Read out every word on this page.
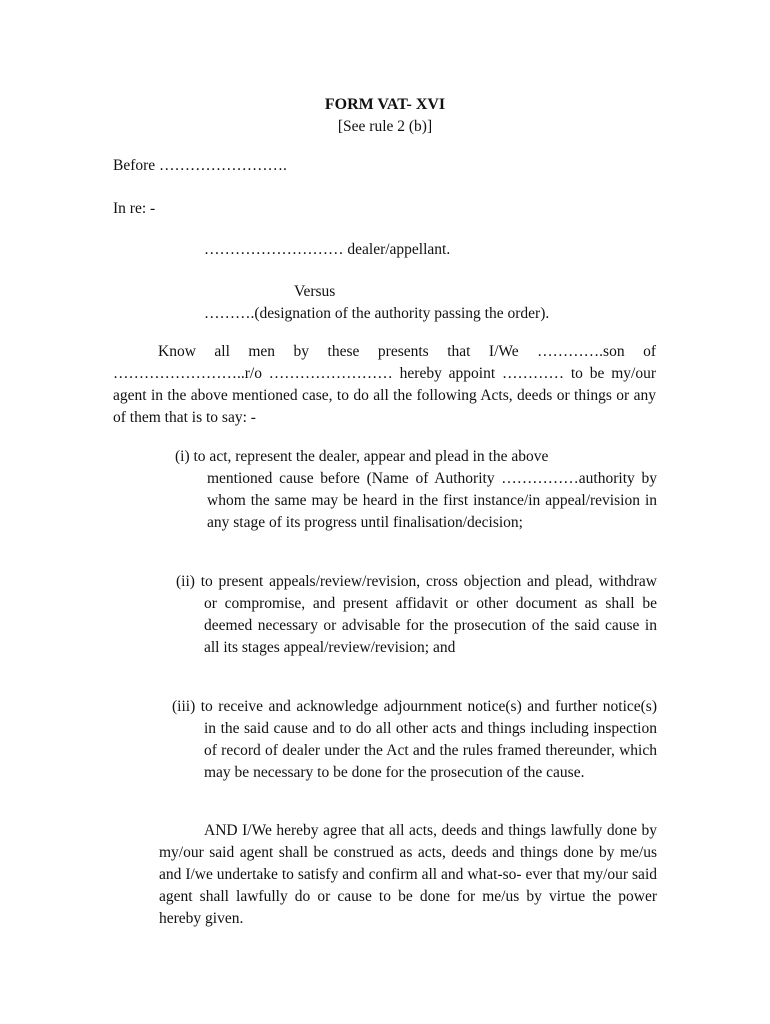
FORM VAT- XVI

[See rule 2 (b)]

Before …………………….

In re: -

……………………… dealer/appellant.

Versus

……….(designation of the authority passing the order).

Know all men by these presents that I/We ………….son of ……………………..r/o …………………… hereby appoint ………… to be my/our agent in the above mentioned case, to do all the following Acts, deeds or things or any of them that is to say: -

(i) to act, represent the dealer, appear and plead in the above

mentioned cause before (Name of Authority ……………authority by whom the same may be heard in the first instance/in appeal/revision in any stage of its progress until finalisation/decision;

(ii) to present appeals/review/revision, cross objection and plead, withdraw or compromise, and present affidavit or other document as shall be deemed necessary or advisable for the prosecution of the said cause in all its stages appeal/review/revision; and

(iii) to receive and acknowledge adjournment notice(s) and further notice(s) in the said cause and to do all other acts and things including inspection of record of dealer under the Act and the rules framed thereunder, which may be necessary to be done for the prosecution of the cause.

AND I/We hereby agree that all acts, deeds and things lawfully done by my/our said agent shall be construed as acts, deeds and things done by me/us and I/we undertake to satisfy and confirm all and what-so- ever that my/our said agent shall lawfully do or cause to be done for me/us by virtue the power hereby given.
